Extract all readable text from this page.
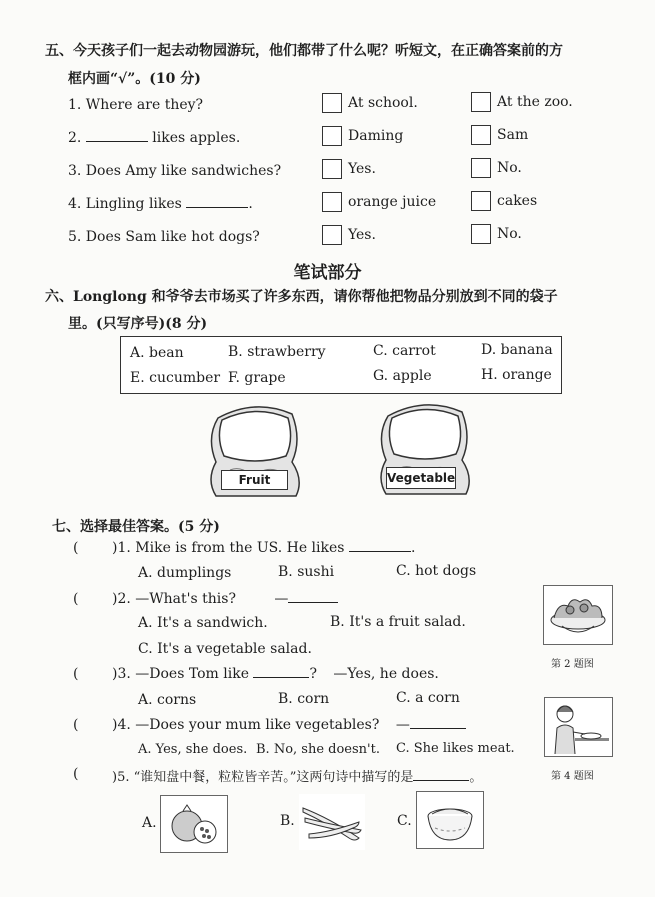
五、今天孩子们一起去动物园游玩，他们都带了什么呢？听短文，在正确答案前的方
框内画“√”。(10 分)
1. Where are they?	At school.	At the zoo.
2.	likes apples.	Daming	Sam
3. Does Amy like sandwiches?	Yes.	No.
4. Lingling likes	.	orange juice	cakes
5. Does Sam like hot dogs?	Yes.	No.
笔试部分
六、Longlong 和爷爷去市场买了许多东西，请你帮他把物品分别放到不同的袋子
里。(只写序号)(8 分)
A. bean	B. strawberry	C. carrot	D. banana
E. cucumber F. grape	G. apple	H. orange
Fruit	Vegetable
七、选择最佳答案。(5 分)
( )1. Mike is from the US. He likes	.
A. dumplings	B. sushi	C. hot dogs
( )2. —What's this?	—
A. It's a sandwich.	B. It's a fruit salad.
C. It's a vegetable salad.
第 2 题图
( )3. —Does Tom like	? —Yes, he does.
A. corns	B. corn	C. a corn
( )4. —Does your mum like vegetables? —
A. Yes, she does. B. No, she doesn't. C. She likes meat.
(	)5. “谁知盘中餐，粒粒皆辛苦。”这两句诗中描写的是	。	第 4 题图
A.	B.	C.
